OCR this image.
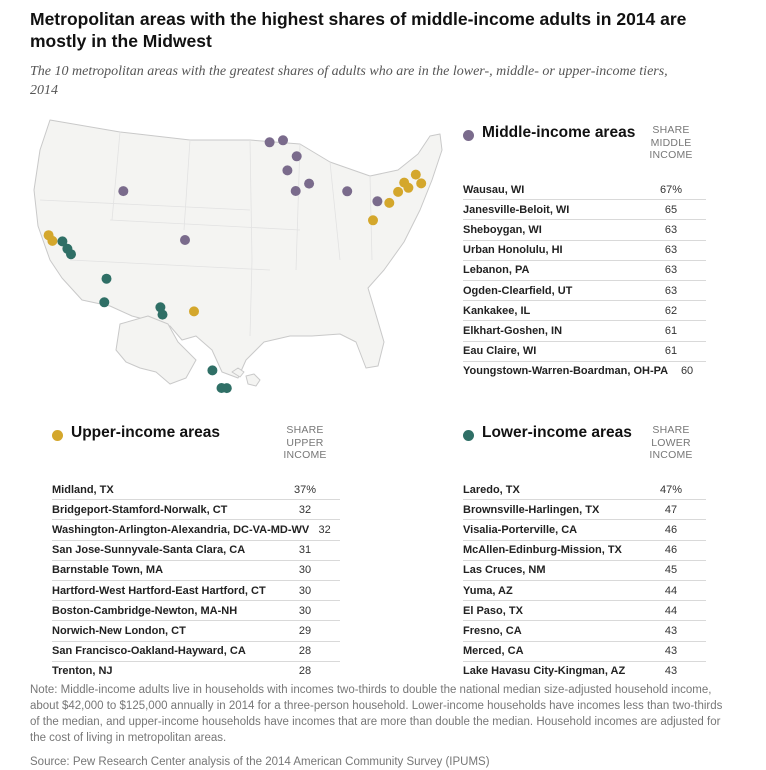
Metropolitan areas with the highest shares of middle-income adults in 2014 are mostly in the Midwest
The 10 metropolitan areas with the greatest shares of adults who are in the lower-, middle- or upper-income tiers, 2014
Middle-income areas	SHARE
MIDDLE
INCOME
Wausau, WI	67%
Janesville-Beloit, WI	65
Sheboygan, WI	63
Urban Honolulu, HI	63
Lebanon, PA	63
Ogden-Clearfield, UT	63
Kankakee, IL	62
Elkhart-Goshen, IN	61
Eau Claire, WI	61
Youngstown-Warren-Boardman, OH-PA	60
Upper-income areas	SHARE
UPPER
INCOME
Midland, TX	37%
Bridgeport-Stamford-Norwalk, CT	32
Washington-Arlington-Alexandria, DC-VA-MD-WV 32
San Jose-Sunnyvale-Santa Clara, CA	31
Barnstable Town, MA	30
Hartford-West Hartford-East Hartford, CT	30
Boston-Cambridge-Newton, MA-NH	30
Norwich-New London, CT	29
San Francisco-Oakland-Hayward, CA	28
Trenton, NJ	28
Lower-income areas	SHARE
LOWER
INCOME
Laredo, TX	47%
Brownsville-Harlingen, TX	47
Visalia-Porterville, CA	46
McAllen-Edinburg-Mission, TX	46
Las Cruces, NM	45
Yuma, AZ	44
El Paso, TX	44
Fresno, CA	43
Merced, CA	43
Lake Havasu City-Kingman, AZ	43
Note: Middle-income adults live in households with incomes two-thirds to double the national median size-adjusted household income, about $42,000 to $125,000 annually in 2014 for a three-person household. Lower-income households have incomes less than two-thirds of the median, and upper-income households have incomes that are more than double the median. Household incomes are adjusted for the cost of living in metropolitan areas.
Source: Pew Research Center analysis of the 2014 American Community Survey (IPUMS)
